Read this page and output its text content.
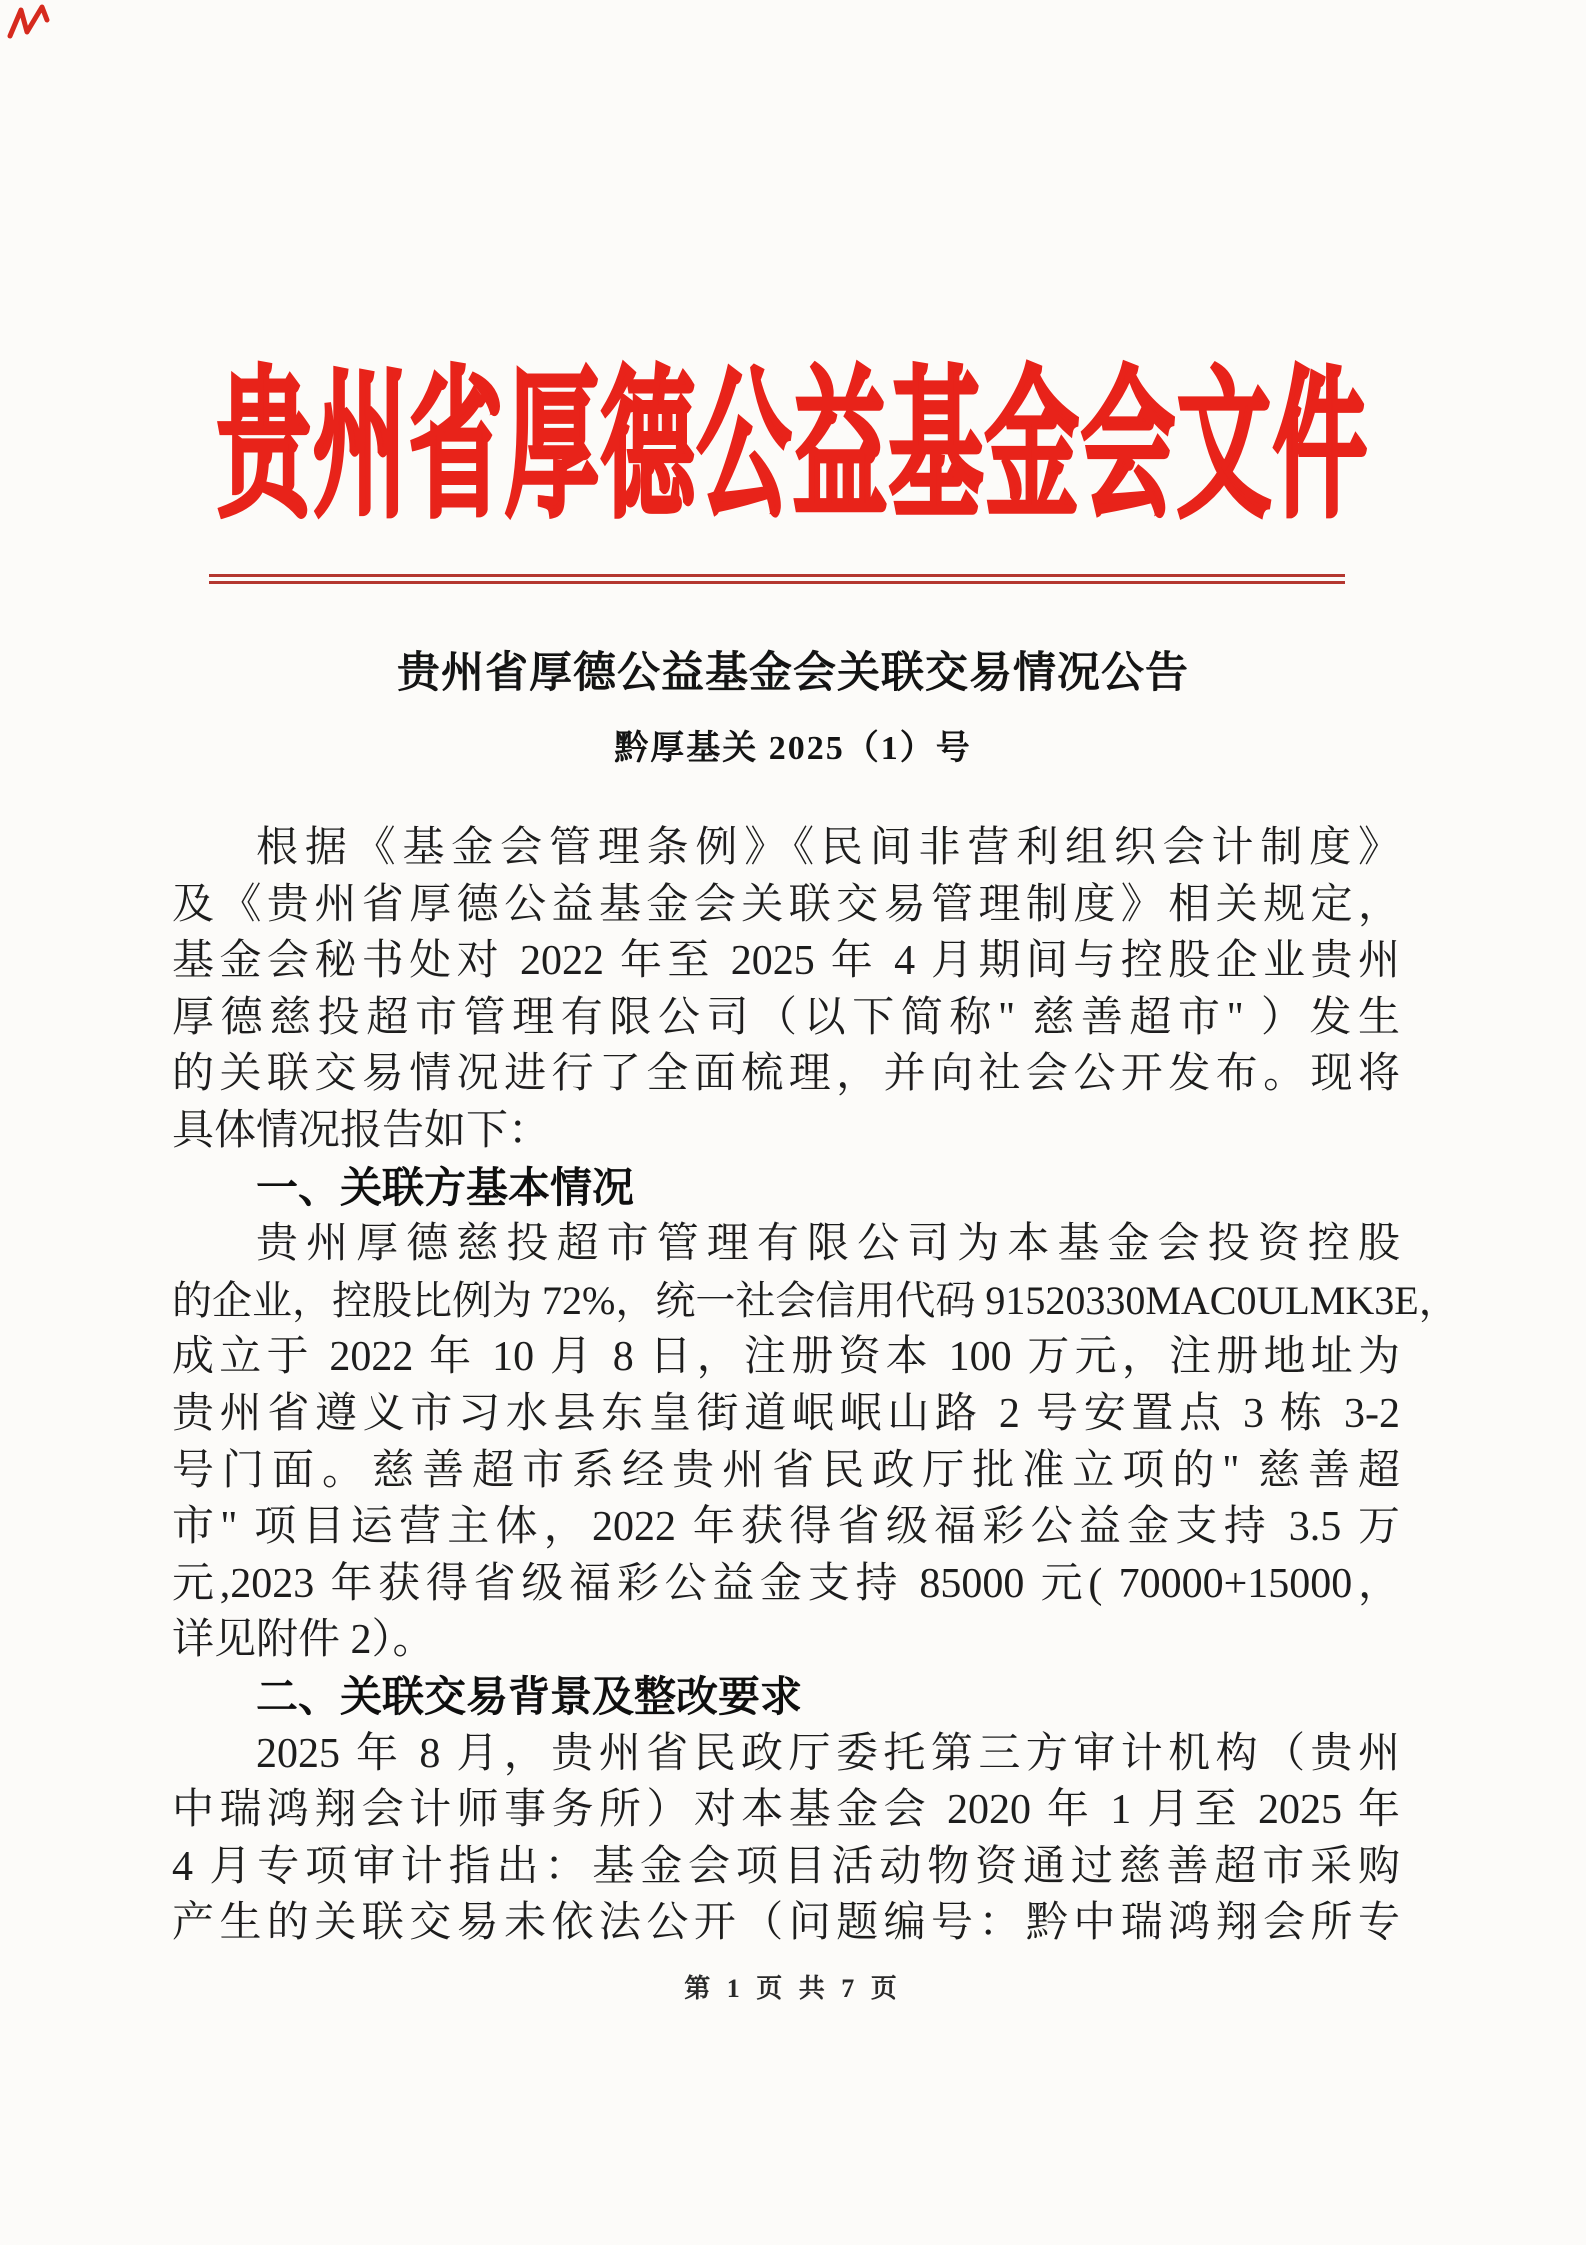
贵州省厚德公益基金会文件
贵州省厚德公益基金会关联交易情况公告
黔厚基关 2025（1）号
根据《基金会管理条例》《民间非营利组织会计制度》
及《贵州省厚德公益基金会关联交易管理制度》相关规定，
基金会秘书处对 2022 年至 2025 年 4 月期间与控股企业贵州
厚德慈投超市管理有限公司（以下简称" 慈善超市" ）发生
的关联交易情况进行了全面梳理，并向社会公开发布。现将
具体情况报告如下：
一、关联方基本情况
贵州厚德慈投超市管理有限公司为本基金会投资控股
的企业，控股比例为 72%，统一社会信用代码 91520330MAC0ULMK3E，
成立于 2022 年 10 月 8 日，注册资本 100 万元，注册地址为
贵州省遵义市习水县东皇街道岷岷山路 2 号安置点 3 栋 3-2
号门面。慈善超市系经贵州省民政厅批准立项的" 慈善超
市" 项目运营主体，2022 年获得省级福彩公益金支持 3.5 万
元,2023 年获得省级福彩公益金支持 85000 元( 70000+15000，
详见附件 2）。
二、关联交易背景及整改要求
2025 年 8 月，贵州省民政厅委托第三方审计机构（贵州
中瑞鸿翔会计师事务所）对本基金会 2020 年 1 月至 2025 年
4 月专项审计指出：基金会项目活动物资通过慈善超市采购
产生的关联交易未依法公开（问题编号：黔中瑞鸿翔会所专
第 1 页 共 7 页
